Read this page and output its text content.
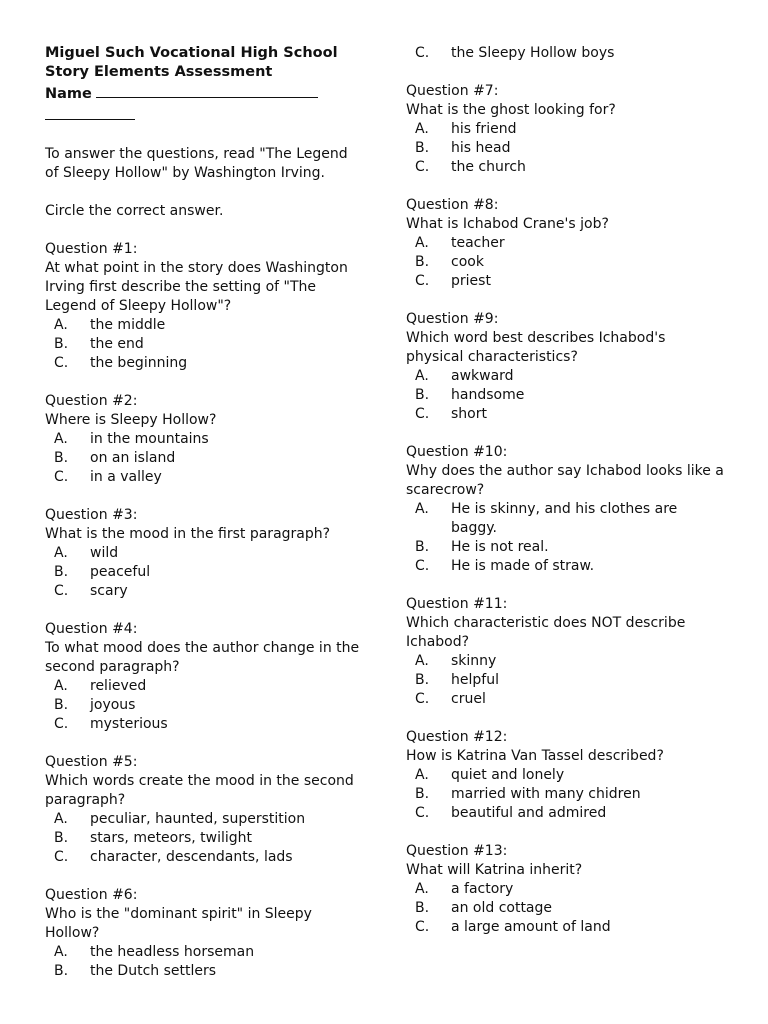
Miguel Such Vocational High School
Story Elements Assessment
Name
To answer the questions, read "The Legend of Sleepy Hollow" by Washington Irving.
Circle the correct answer.
Question #1:
At what point in the story does Washington Irving first describe the setting of "The Legend of Sleepy Hollow"?
A. the middle
B. the end
C. the beginning
Question #2:
Where is Sleepy Hollow?
A. in the mountains
B. on an island
C. in a valley
Question #3:
What is the mood in the first paragraph?
A. wild
B. peaceful
C. scary
Question #4:
To what mood does the author change in the second paragraph?
A. relieved
B. joyous
C. mysterious
Question #5:
Which words create the mood in the second paragraph?
A. peculiar, haunted, superstition
B. stars, meteors, twilight
C. character, descendants, lads
Question #6:
Who is the "dominant spirit" in Sleepy Hollow?
A. the headless horseman
B. the Dutch settlers
C. the Sleepy Hollow boys
Question #7:
What is the ghost looking for?
A. his friend
B. his head
C. the church
Question #8:
What is Ichabod Crane's job?
A. teacher
B. cook
C. priest
Question #9:
Which word best describes Ichabod's physical characteristics?
A. awkward
B. handsome
C. short
Question #10:
Why does the author say Ichabod looks like a scarecrow?
A. He is skinny, and his clothes are baggy.
B. He is not real.
C. He is made of straw.
Question #11:
Which characteristic does NOT describe Ichabod?
A. skinny
B. helpful
C. cruel
Question #12:
How is Katrina Van Tassel described?
A. quiet and lonely
B. married with many chidren
C. beautiful and admired
Question #13:
What will Katrina inherit?
A. a factory
B. an old cottage
C. a large amount of land
